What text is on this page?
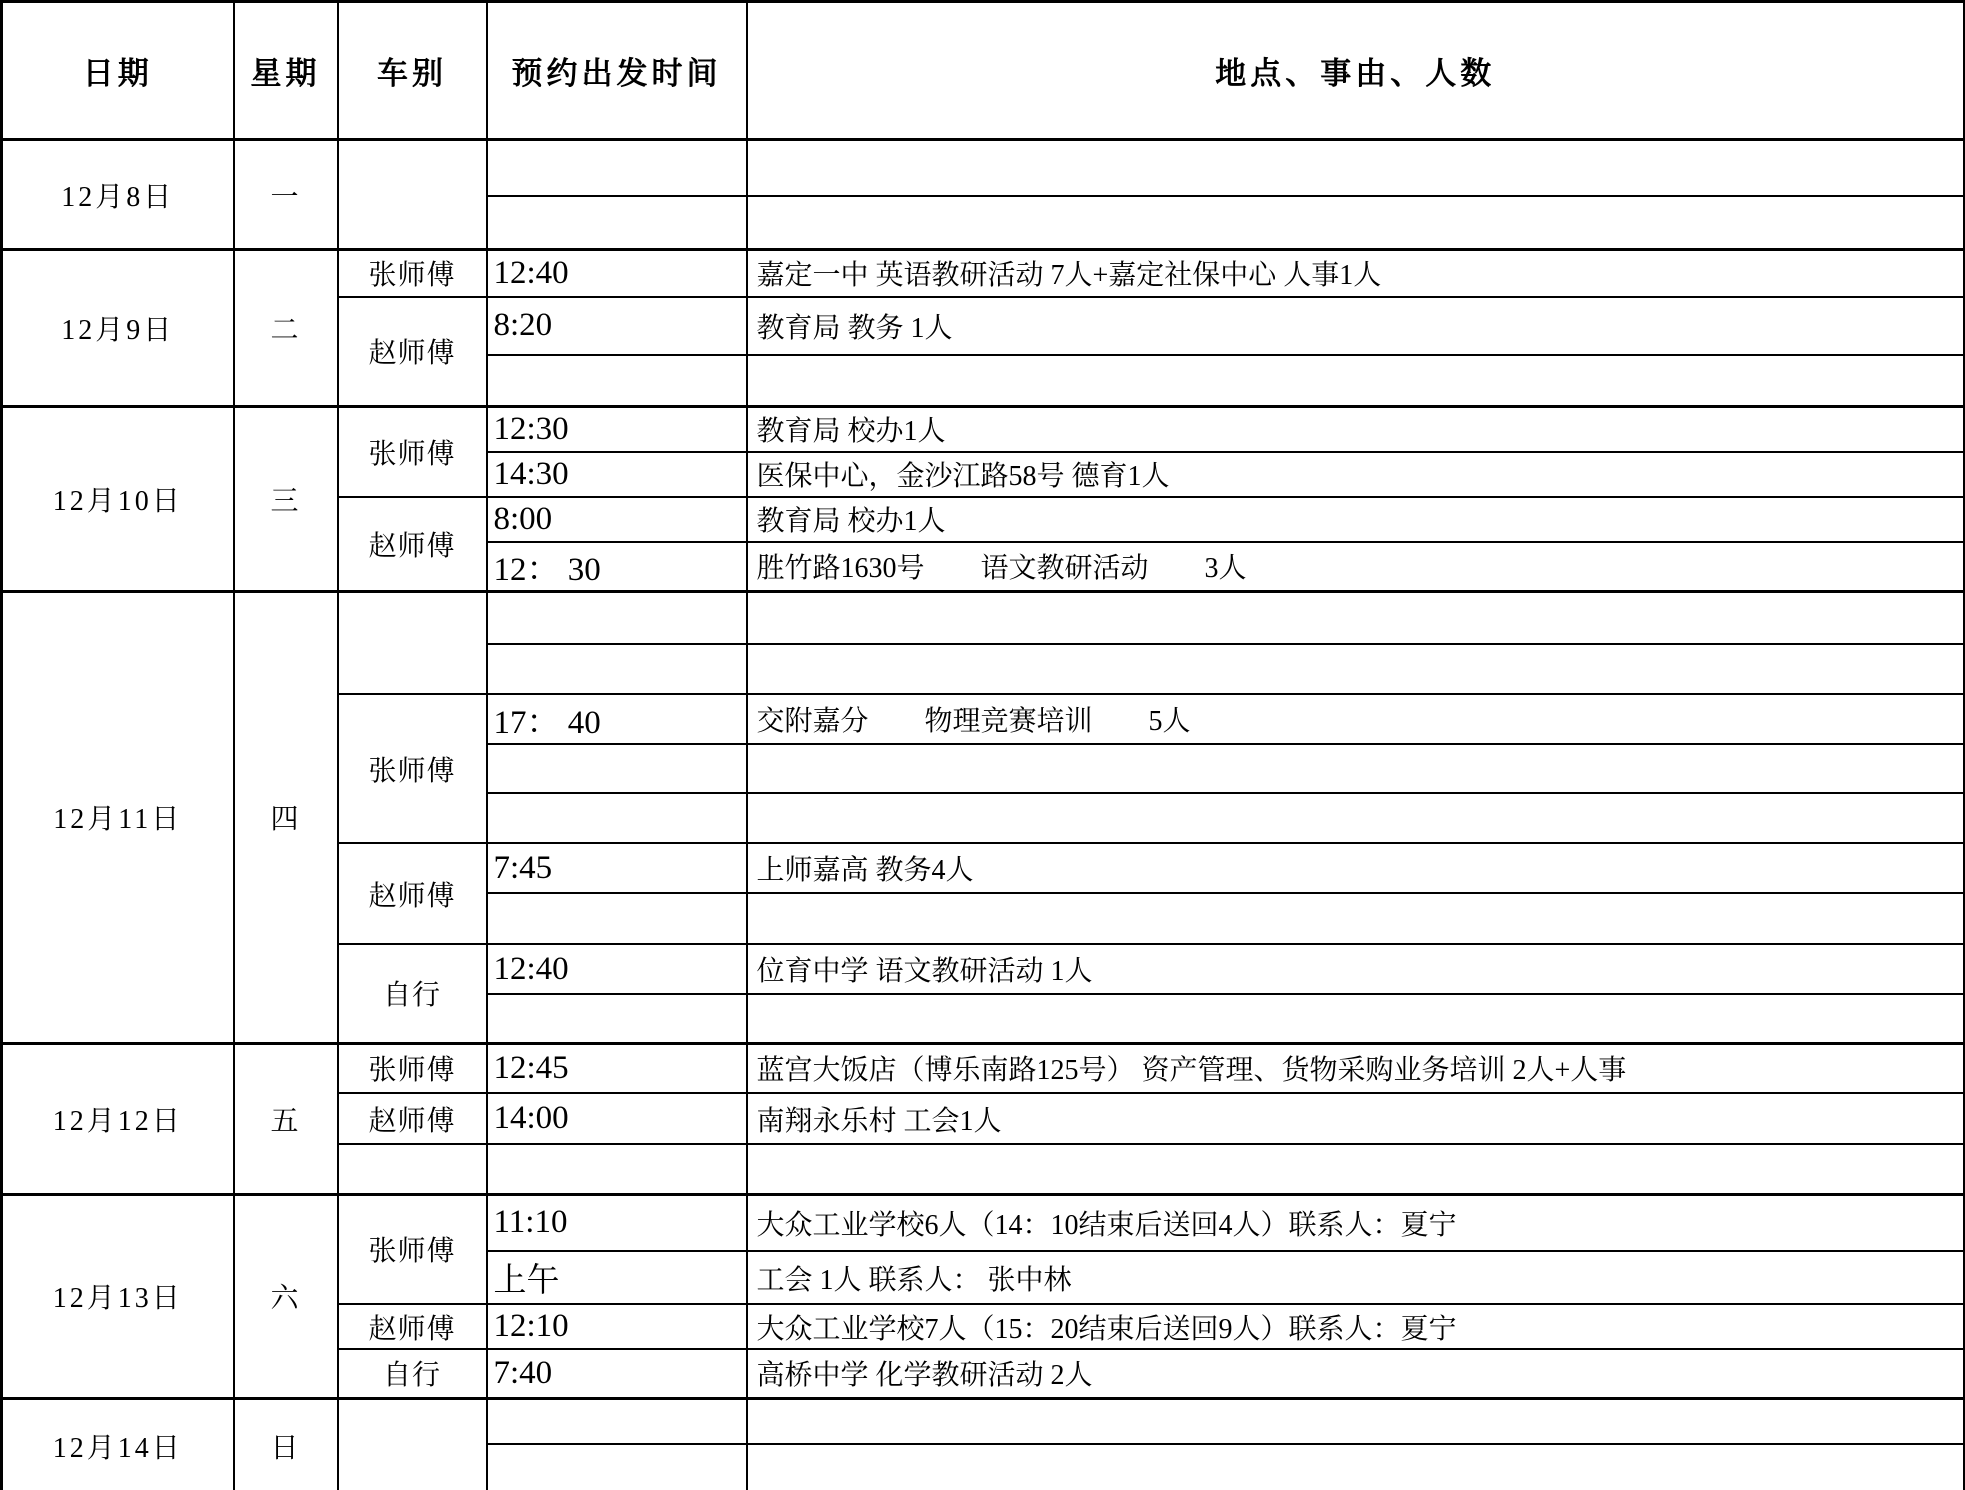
日期	星期	车别	预约出发时间	地点、事由、人数
12月8日	一			

12月9日	二	张师傅	12:40	嘉定一中 英语教研活动 7人+嘉定社保中心 人事1人
		赵师傅	8:20	教育局 教务 1人

12月10日	三	张师傅	12:30	教育局 校办1人
			14:30	医保中心，金沙江路58号 德育1人
		赵师傅	8:00	教育局 校办1人
			12： 30	胜竹路1630号　　语文教研活动　　3人
12月11日	四			

		张师傅	17： 40	交附嘉分　　物理竞赛培训　　5人

		赵师傅	7:45	上师嘉高 教务4人

		自行	12:40	位育中学 语文教研活动 1人

12月12日	五	张师傅	12:45	蓝宫大饭店（博乐南路125号） 资产管理、货物采购业务培训 2人+人事
		赵师傅	14:00	南翔永乐村 工会1人

12月13日	六	张师傅	11:10	大众工业学校6人（14：10结束后送回4人）联系人：夏宁
			上午	工会 1人 联系人： 张中林
		赵师傅	12:10	大众工业学校7人（15：20结束后送回9人）联系人：夏宁
		自行	7:40	高桥中学 化学教研活动 2人
12月14日	日			
